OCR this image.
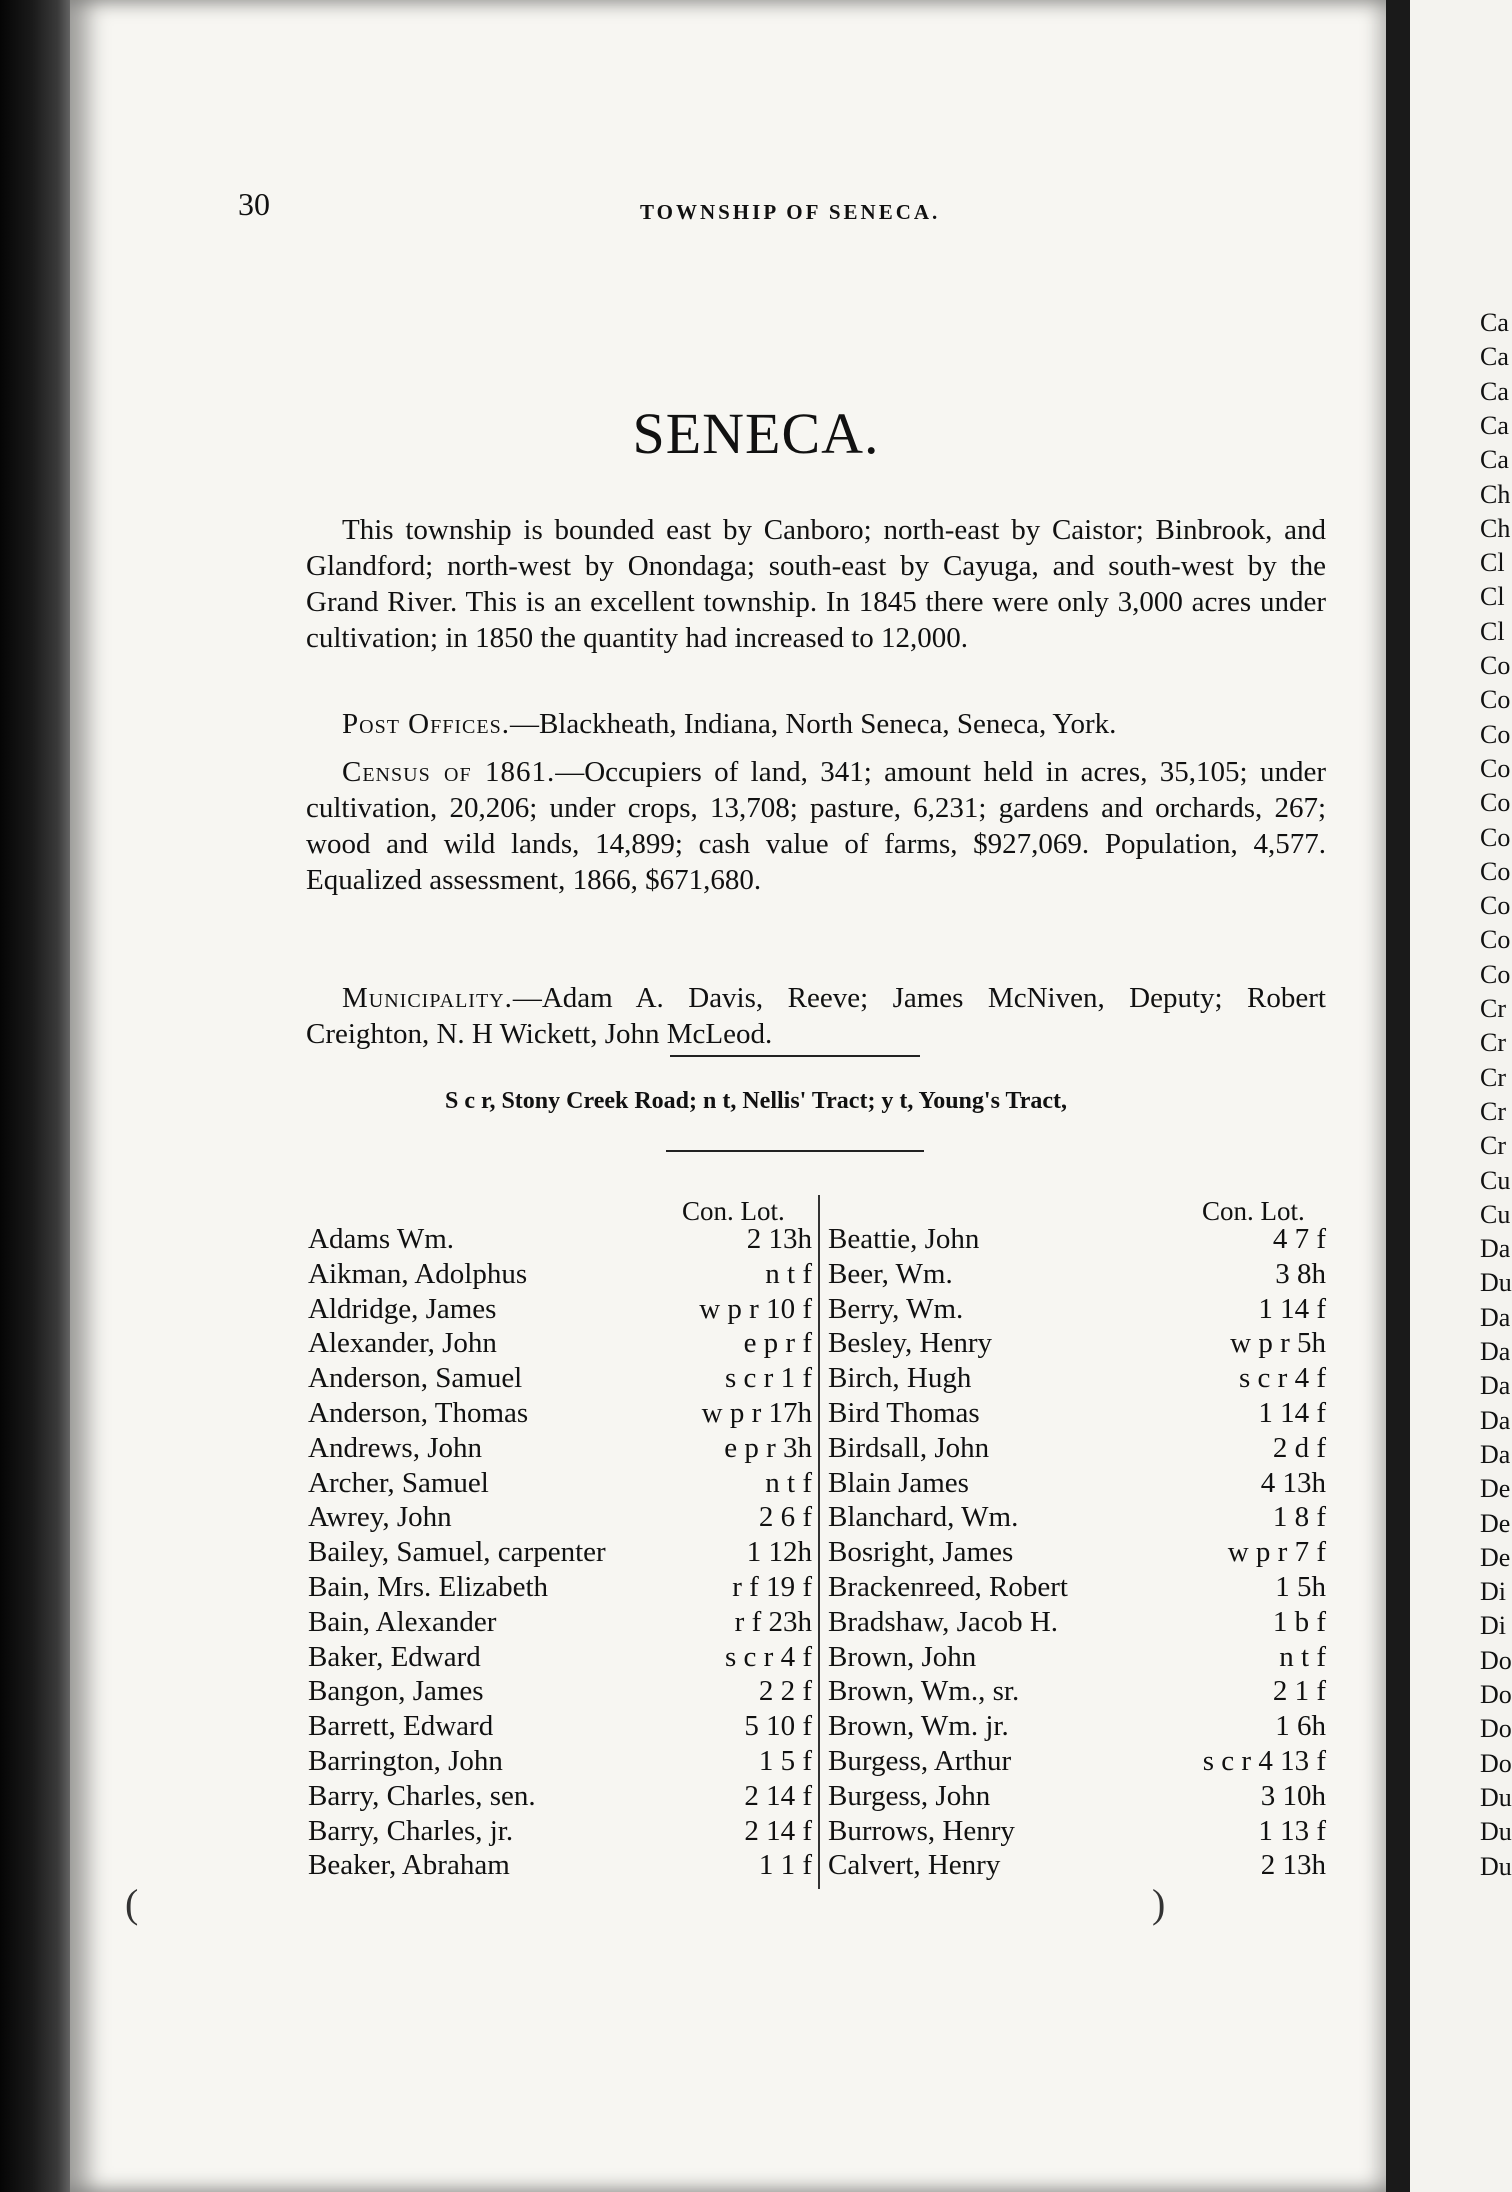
Ca
Ca
Ca
Ca
Ca
Ch
Ch
Cl
Cl
Cl
Co
Co
Co
Co
Co
Co
Co
Co
Co
Co
Cr
Cr
Cr
Cr
Cr
Cu
Cu
Da
Du
Da
Da
Da
Da
Da
De
De
De
Di
Di
Do
Do
Do
Do
Du
Du
Du
30	TOWNSHIP OF SENECA.
SENECA.
This township is bounded east by Canboro; north-east by Caistor; Binbrook, and Glandford; north-west by Onondaga; south-east by Cayuga, and south-west by the Grand River. This is an excellent township. In 1845 there were only 3,000 acres under cultivation; in 1850 the quantity had increased to 12,000.
Post Offices.—Blackheath, Indiana, North Seneca, Seneca, York.
Census of 1861.—Occupiers of land, 341; amount held in acres, 35,105; under cultivation, 20,206; under crops, 13,708; pasture, 6,231; gardens and orchards, 267; wood and wild lands, 14,899; cash value of farms, $927,069. Population, 4,577. Equalized assessment, 1866, $671,680.
Municipality.—Adam A. Davis, Reeve; James McNiven, Deputy; Robert Creighton, N. H Wickett, John McLeod.
S c r, Stony Creek Road; n t, Nellis' Tract; y t, Young's Tract,
Con. Lot.	Con. Lot.
Adams Wm.	2 13h
Aikman, Adolphus	n t f
Aldridge, James	w p r 10 f
Alexander, John	e p r f
Anderson, Samuel	s c r 1 f
Anderson, Thomas	w p r 17h
Andrews, John	e p r 3h
Archer, Samuel	n t f
Awrey, John	2 6 f
Bailey, Samuel, carpenter	1 12h
Bain, Mrs. Elizabeth	r f 19 f
Bain, Alexander	r f 23h
Baker, Edward	s c r 4 f
Bangon, James	2 2 f
Barrett, Edward	5 10 f
Barrington, John	1 5 f
Barry, Charles, sen.	2 14 f
Barry, Charles, jr.	2 14 f
Beaker, Abraham	1 1 f
Beattie, John	4 7 f
Beer, Wm.	3 8h
Berry, Wm.	1 14 f
Besley, Henry	w p r 5h
Birch, Hugh	s c r 4 f
Bird Thomas	1 14 f
Birdsall, John	2 d f
Blain James	4 13h
Blanchard, Wm.	1 8 f
Bosright, James	w p r 7 f
Brackenreed, Robert	1 5h
Bradshaw, Jacob H.	1 b f
Brown, John	n t f
Brown, Wm., sr.	2 1 f
Brown, Wm. jr.	1 6h
Burgess, Arthur	s c r 4 13 f
Burgess, John	3 10h
Burrows, Henry	1 13 f
Calvert, Henry	2 13h
(	)
